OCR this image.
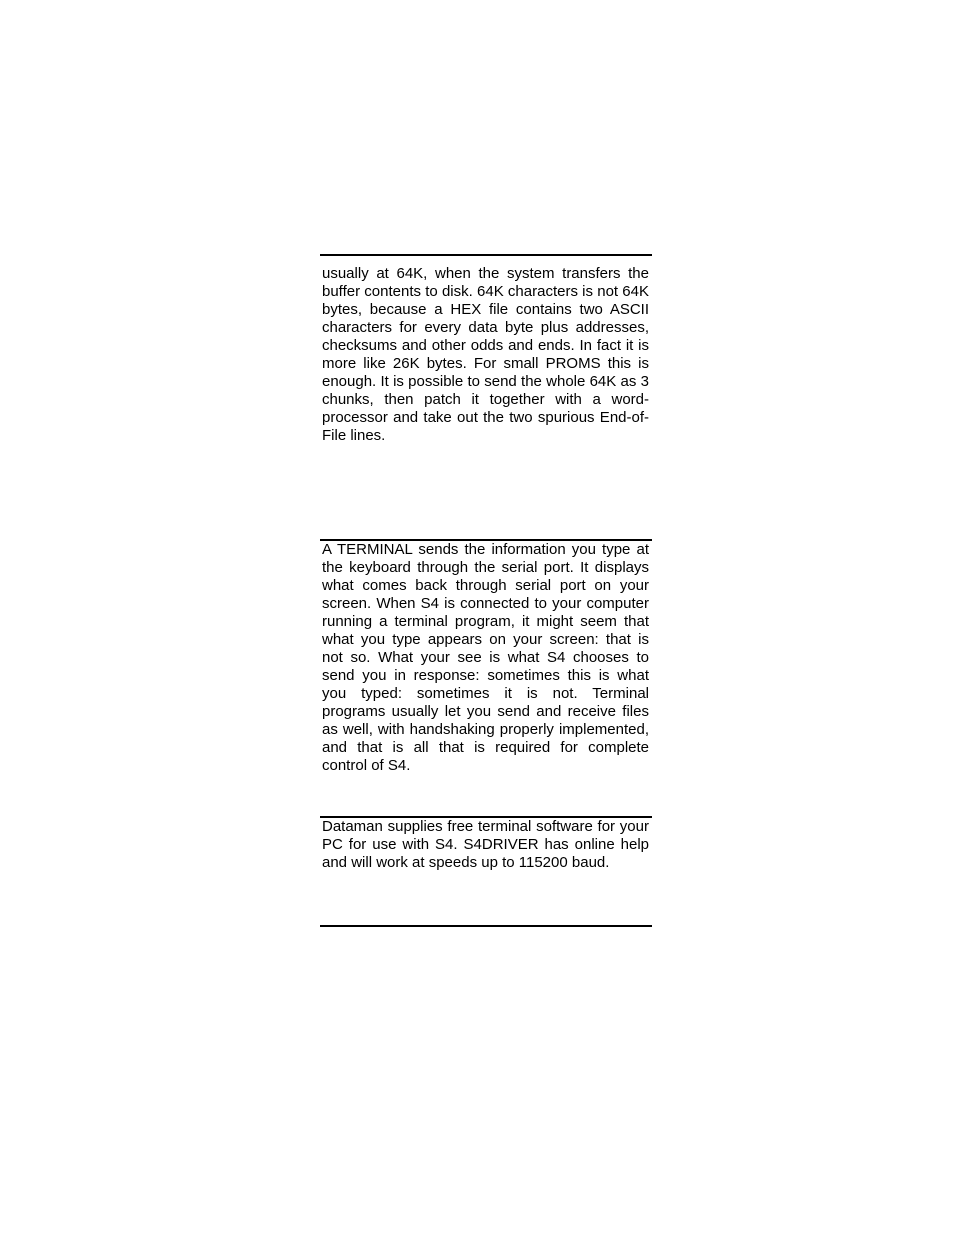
usually at 64K, when the system transfers the buffer contents to disk. 64K characters is not 64K bytes, because a HEX file contains two ASCII characters for every data byte plus addresses, checksums and other odds and ends. In fact it is more like 26K bytes. For small PROMS this is enough. It is possible to send the whole 64K as 3 chunks, then patch it together with a word-processor and take out the two spurious End-of-File lines.

A TERMINAL sends the information you type at the keyboard through the serial port. It displays what comes back through serial port on your screen. When S4 is connected to your computer running a terminal program, it might seem that what you type appears on your screen: that is not so. What your see is what S4 chooses to send you in response: sometimes this is what you typed: sometimes it is not. Terminal programs usually let you send and receive files as well, with handshaking properly implemented, and that is all that is required for complete control of S4.

Dataman supplies free terminal software for your PC for use with S4. S4DRIVER has online help and will work at speeds up to 115200 baud.
